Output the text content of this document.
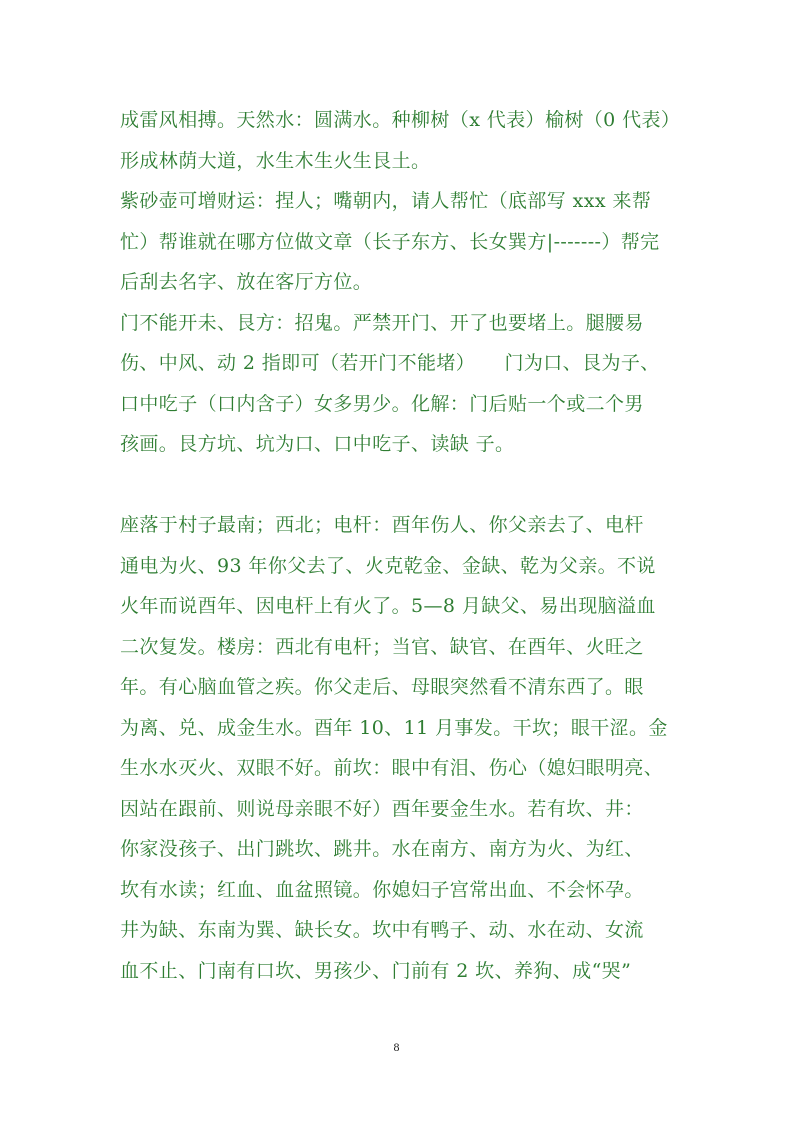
成雷风相搏。天然水：圆满水。种柳树（x 代表）榆树（0 代表）
形成林荫大道，水生木生火生艮土。
紫砂壶可增财运：捏人；嘴朝内，请人帮忙（底部写 xxx 来帮
忙）帮谁就在哪方位做文章（长子东方、长女巽方|-------）帮完
后刮去名字、放在客厅方位。
门不能开未、艮方：招鬼。严禁开门、开了也要堵上。腿腰易
伤、中风、动 2 指即可（若开门不能堵）　　门为口、艮为子、
口中吃子（口内含子）女多男少。化解：门后贴一个或二个男
孩画。艮方坑、坑为口、口中吃子、读缺 子。
座落于村子最南；西北；电杆：酉年伤人、你父亲去了、电杆
通电为火、93 年你父去了、火克乾金、金缺、乾为父亲。不说
火年而说酉年、因电杆上有火了。5—8 月缺父、易出现脑溢血
二次复发。楼房：西北有电杆；当官、缺官、在酉年、火旺之
年。有心脑血管之疾。你父走后、母眼突然看不清东西了。眼
为离、兑、成金生水。酉年 10、11 月事发。干坎；眼干涩。金
生水水灭火、双眼不好。前坎：眼中有泪、伤心（媳妇眼明亮、
因站在跟前、则说母亲眼不好）酉年要金生水。若有坎、井：
你家没孩子、出门跳坎、跳井。水在南方、南方为火、为红、
坎有水读；红血、血盆照镜。你媳妇子宫常出血、不会怀孕。
井为缺、东南为巽、缺长女。坎中有鸭子、动、水在动、女流
血不止、门南有口坎、男孩少、门前有 2 坎、养狗、成“哭”
8
